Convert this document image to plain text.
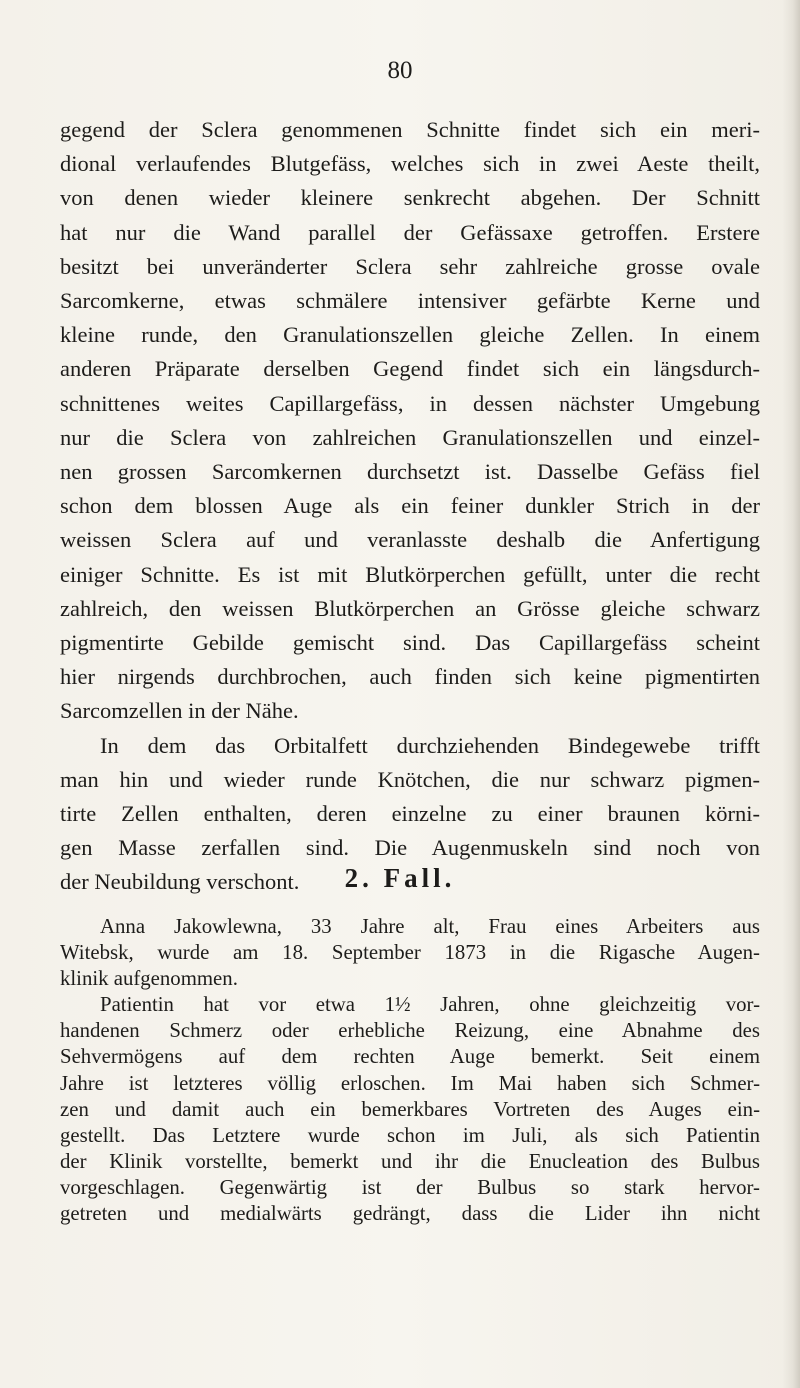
80
gegend der Sclera genommenen Schnitte findet sich ein meri-
dional verlaufendes Blutgefäss, welches sich in zwei Aeste theilt,
von denen wieder kleinere senkrecht abgehen. Der Schnitt
hat nur die Wand parallel der Gefässaxe getroffen. Erstere
besitzt bei unveränderter Sclera sehr zahlreiche grosse ovale
Sarcomkerne, etwas schmälere intensiver gefärbte Kerne und
kleine runde, den Granulationszellen gleiche Zellen. In einem
anderen Präparate derselben Gegend findet sich ein längsdurch-
schnittenes weites Capillargefäss, in dessen nächster Umgebung
nur die Sclera von zahlreichen Granulationszellen und einzel-
nen grossen Sarcomkernen durchsetzt ist. Dasselbe Gefäss fiel
schon dem blossen Auge als ein feiner dunkler Strich in der
weissen Sclera auf und veranlasste deshalb die Anfertigung
einiger Schnitte. Es ist mit Blutkörperchen gefüllt, unter die recht
zahlreich, den weissen Blutkörperchen an Grösse gleiche schwarz
pigmentirte Gebilde gemischt sind. Das Capillargefäss scheint
hier nirgends durchbrochen, auch finden sich keine pigmentirten
Sarcomzellen in der Nähe.
In dem das Orbitalfett durchziehenden Bindegewebe trifft
man hin und wieder runde Knötchen, die nur schwarz pigmen-
tirte Zellen enthalten, deren einzelne zu einer braunen körni-
gen Masse zerfallen sind. Die Augenmuskeln sind noch von
der Neubildung verschont.	2. Fall.
Anna Jakowlewna, 33 Jahre alt, Frau eines Arbeiters aus
Witebsk, wurde am 18. September 1873 in die Rigasche Augen-
klinik aufgenommen.
Patientin hat vor etwa 1½ Jahren, ohne gleichzeitig vor-
handenen Schmerz oder erhebliche Reizung, eine Abnahme des
Sehvermögens auf dem rechten Auge bemerkt. Seit einem
Jahre ist letzteres völlig erloschen. Im Mai haben sich Schmer-
zen und damit auch ein bemerkbares Vortreten des Auges ein-
gestellt. Das Letztere wurde schon im Juli, als sich Patientin
der Klinik vorstellte, bemerkt und ihr die Enucleation des Bulbus
vorgeschlagen. Gegenwärtig ist der Bulbus so stark hervor-
getreten und medialwärts gedrängt, dass die Lider ihn nicht
